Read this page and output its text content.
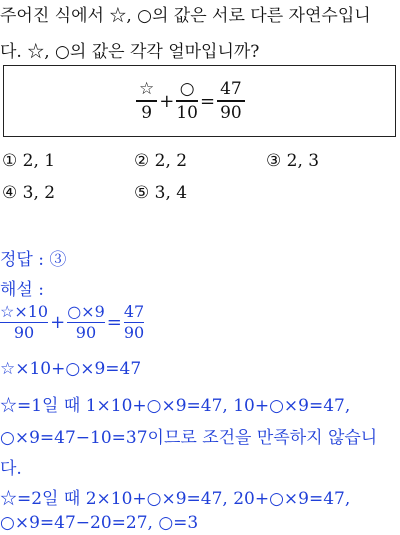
주어진 식에서 ☆, ○의 값은 서로 다른 자연수입니
다. ☆, ○의 값은 각각 얼마입니까?
$\frac{☆}{9} + \frac{○}{10} = \frac{47}{90}$
① 2, 1	② 2, 2	③ 2, 3
④ 3, 2	⑤ 3, 4
정답 : ③
해설 :
☆×10
90 +
○×9
90 =
47
90
☆×10+○×9=47
☆=1일 때 1×10+○×9=47, 10+○×9=47,
○×9=47−10=37이므로 조건을 만족하지 않습니
다.
☆=2일 때 2×10+○×9=47, 20+○×9=47,
○×9=47−20=27, ○=3
